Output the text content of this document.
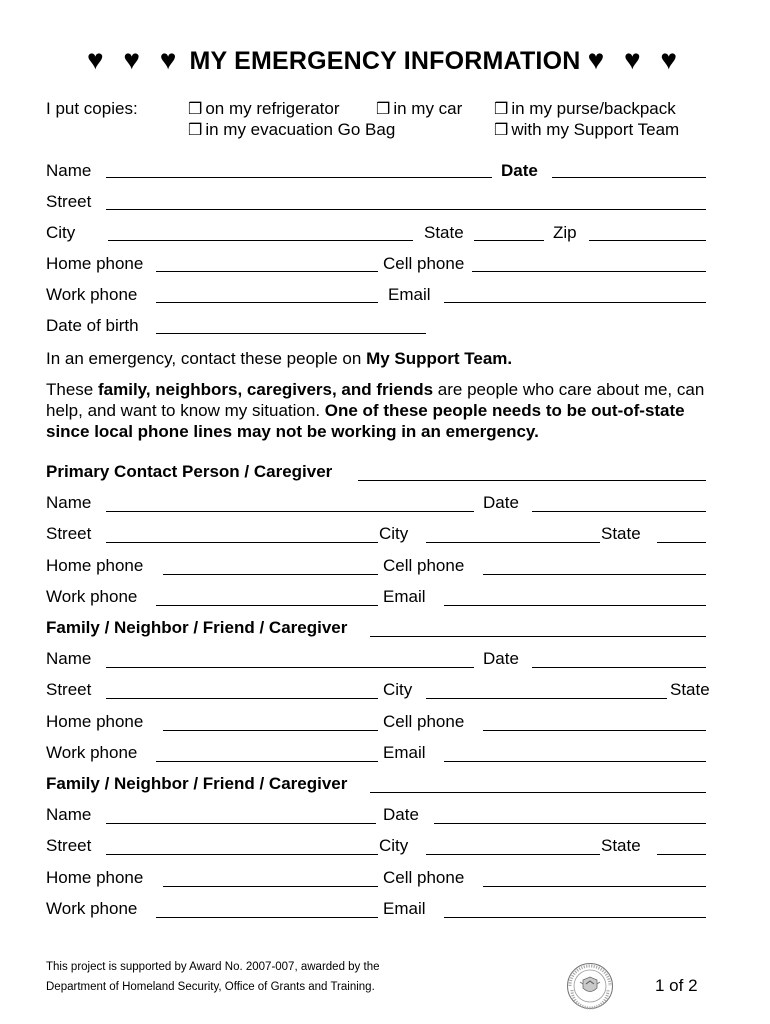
♥ ♥ ♥ MY EMERGENCY INFORMATION ♥ ♥ ♥
I put copies:	❒ on my refrigerator ❒ in my car ❒ in my purse/backpack
❒ in my evacuation Go Bag	❒ with my Support Team
Name	Date
Street
City	State	Zip
Home phone	Cell phone
Work phone	Email
Date of birth
In an emergency, contact these people on My Support Team.
These family, neighbors, caregivers, and friends are people who care about me, can help, and want to know my situation. One of these people needs to be out-of-state since local phone lines may not be working in an emergency.
Primary Contact Person / Caregiver
Name	Date
Street	City	State
Home phone	Cell phone
Work phone	Email
Family / Neighbor / Friend / Caregiver
Name	Date
Street	City	State
Home phone	Cell phone
Work phone	Email
Family / Neighbor / Friend / Caregiver
Name	Date
Street	City	State
Home phone	Cell phone
Work phone	Email
This project is supported by Award No. 2007-007, awarded by the
Department of Homeland Security, Office of Grants and Training.	1 of 2
